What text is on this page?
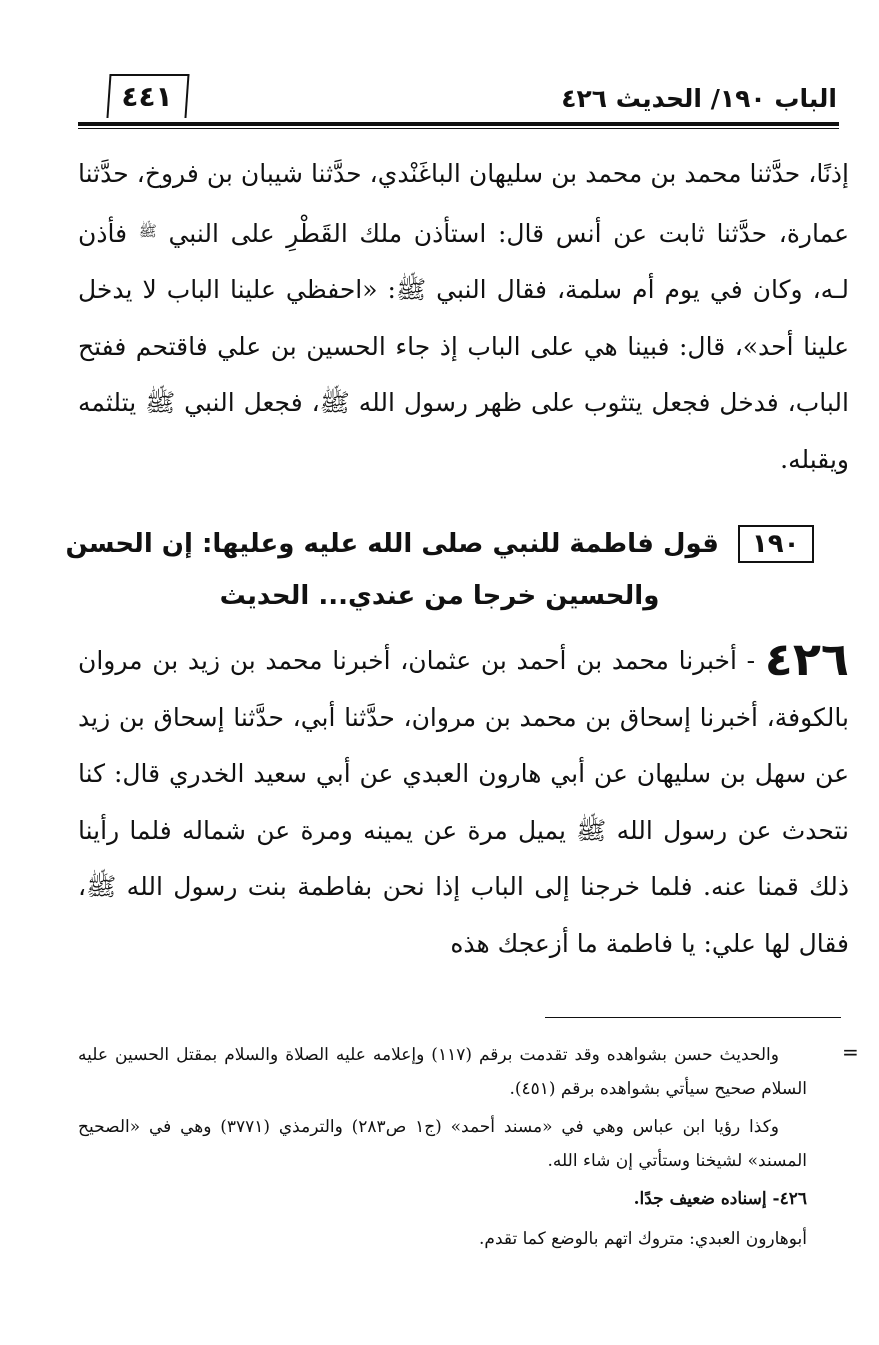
٤٤١	الباب ١٩٠/ الحديث ٤٢٦
إذنًا، حدَّثنا محمد بن محمد بن سليهان الباغَنْدي، حدَّثنا شيبان بن فروخ، حدَّثنا عمارة، حدَّثنا ثابت عن أنس قال: استأذن ملك القَطْرِ على النبي $^ﷺ$ فأذن لـه، وكان في يوم أم سلمة، فقال النبي ﷺ: «احفظي علينا الباب لا يدخل علينا أحد»، قال: فبينا هي على الباب إذ جاء الحسين بن علي فاقتحم ففتح الباب، فدخل فجعل يتثوب على ظهر رسول الله ﷺ، فجعل النبي ﷺ يتلثمه ويقبله.
١٩٠ قول فاطمة للنبي صلى الله عليه وعليها: إن الحسن
والحسين خرجا من عندي... الحديث
٤٢٦ - أخبرنا محمد بن أحمد بن عثمان، أخبرنا محمد بن زيد بن مروان بالكوفة، أخبرنا إسحاق بن محمد بن مروان، حدَّثنا أبي، حدَّثنا إسحاق بن زيد عن سهل بن سليهان عن أبي هارون العبدي عن أبي سعيد الخدري قال: كنا نتحدث عن رسول الله ﷺ يميل مرة عن يمينه ومرة عن شماله فلما رأينا ذلك قمنا عنه. فلما خرجنا إلى الباب إذا نحن بفاطمة بنت رسول الله ﷺ، فقال لها علي: يا فاطمة ما أزعجك هذه
=

والحديث حسن بشواهده وقد تقدمت برقم (١١٧) وإعلامه عليه الصلاة والسلام بمقتل الحسين عليه السلام صحيح سيأتي بشواهده برقم (٤٥١).

وكذا رؤيا ابن عباس وهي في «مسند أحمد» (ج١ ص٢٨٣) والترمذي (٣٧٧١) وهي في «الصحيح المسند» لشيخنا وستأتي إن شاء الله.

٤٢٦- إسناده ضعيف جدًا.

أبوهارون العبدي: متروك اتهم بالوضع كما تقدم.
